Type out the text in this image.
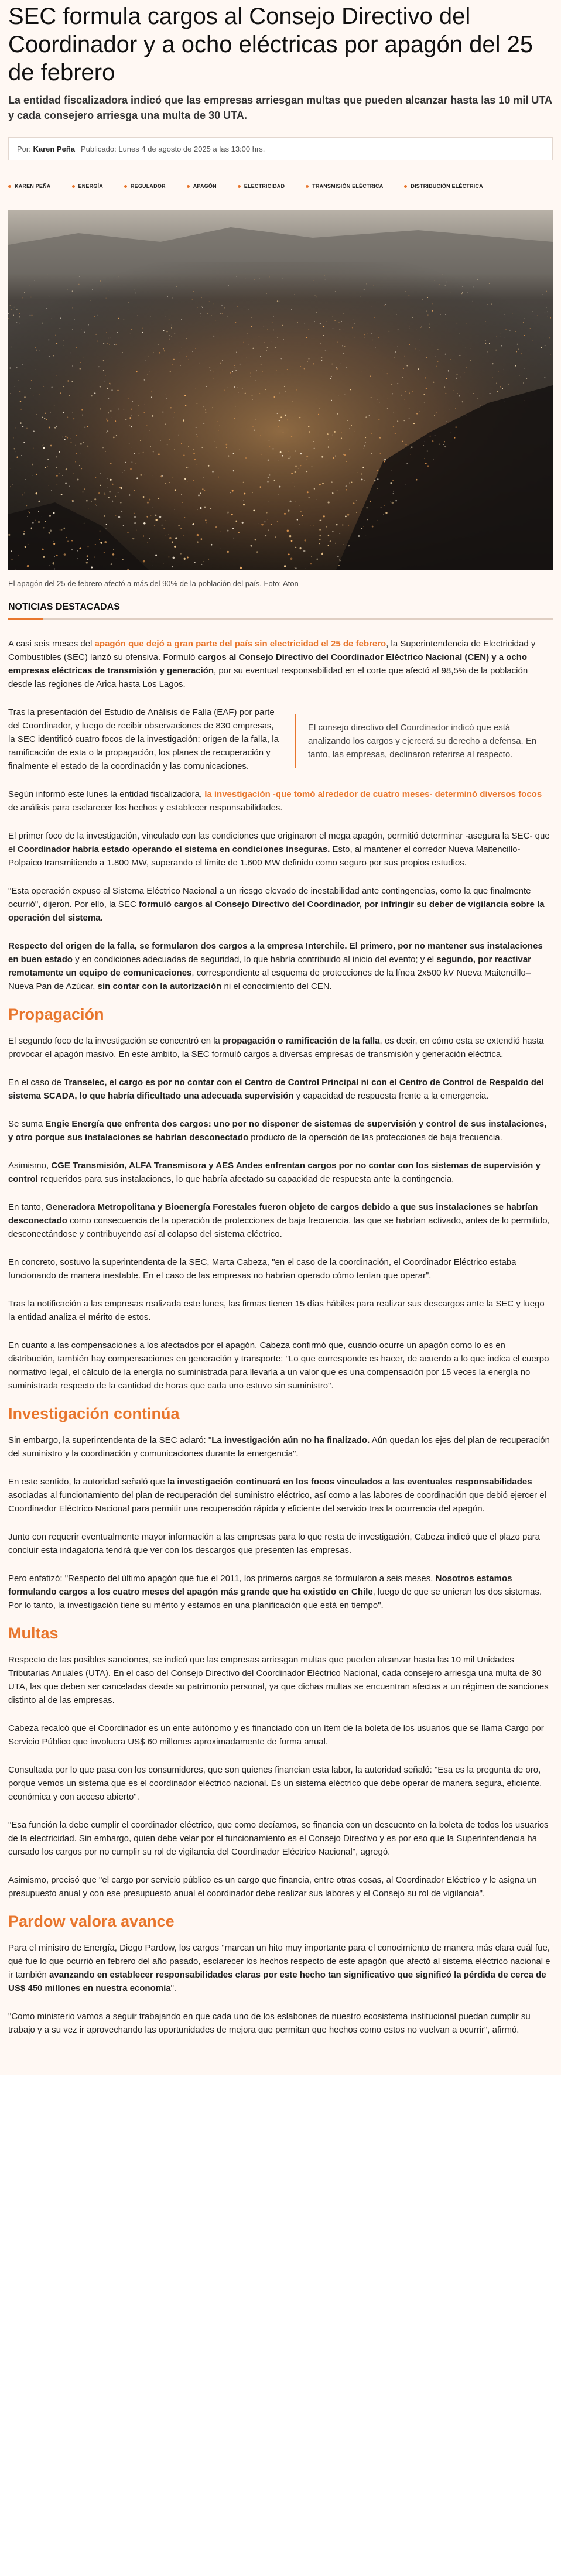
SEC formula cargos al Consejo Directivo del Coordinador y a ocho eléctricas por apagón del 25 de febrero
La entidad fiscalizadora indicó que las empresas arriesgan multas que pueden alcanzar hasta las 10 mil UTA y cada consejero arriesga una multa de 30 UTA.
Por: Karen Peña Publicado: Lunes 4 de agosto de 2025 a las 13:00 hrs.
KAREN PEÑA	ENERGÍA	REGULADOR	APAGÓN	ELECTRICIDAD	TRANSMISIÓN ELÉCTRICA	DISTRIBUCIÓN ELÉCTRICA
El apagón del 25 de febrero afectó a más del 90% de la población del país. Foto: Aton
NOTICIAS DESTACADAS

A casi seis meses del apagón que dejó a gran parte del país sin electricidad el 25 de febrero, la Superintendencia de Electricidad y Combustibles (SEC) lanzó su ofensiva. Formuló cargos al Consejo Directivo del Coordinador Eléctrico Nacional (CEN) y a ocho empresas eléctricas de transmisión y generación, por su eventual responsabilidad en el corte que afectó al 98,5% de la población desde las regiones de Arica hasta Los Lagos.

Tras la presentación del Estudio de Análisis de Falla (EAF) por parte del Coordinador, y luego de recibir observaciones de 830 empresas, la SEC identificó cuatro focos de la investigación: origen de la falla, la ramificación de esta o la propagación, los planes de recuperación y finalmente el estado de la coordinación y las comunicaciones.
El consejo directivo del Coordinador indicó que está analizando los cargos y ejercerá su derecho a defensa. En tanto, las empresas, declinaron referirse al respecto.

Según informó este lunes la entidad fiscalizadora, la investigación -que tomó alrededor de cuatro meses- determinó diversos focos de análisis para esclarecer los hechos y establecer responsabilidades.

El primer foco de la investigación, vinculado con las condiciones que originaron el mega apagón, permitió determinar -asegura la SEC- que el Coordinador habría estado operando el sistema en condiciones inseguras. Esto, al mantener el corredor Nueva Maitencillo-Polpaico transmitiendo a 1.800 MW, superando el límite de 1.600 MW definido como seguro por sus propios estudios.

"Esta operación expuso al Sistema Eléctrico Nacional a un riesgo elevado de inestabilidad ante contingencias, como la que finalmente ocurrió", dijeron. Por ello, la SEC formuló cargos al Consejo Directivo del Coordinador, por infringir su deber de vigilancia sobre la operación del sistema.

Respecto del origen de la falla, se formularon dos cargos a la empresa Interchile. El primero, por no mantener sus instalaciones en buen estado y en condiciones adecuadas de seguridad, lo que habría contribuido al inicio del evento; y el segundo, por reactivar remotamente un equipo de comunicaciones, correspondiente al esquema de protecciones de la línea 2x500 kV Nueva Maitencillo–Nueva Pan de Azúcar, sin contar con la autorización ni el conocimiento del CEN.

Propagación

El segundo foco de la investigación se concentró en la propagación o ramificación de la falla, es decir, en cómo esta se extendió hasta provocar el apagón masivo. En este ámbito, la SEC formuló cargos a diversas empresas de transmisión y generación eléctrica.

En el caso de Transelec, el cargo es por no contar con el Centro de Control Principal ni con el Centro de Control de Respaldo del sistema SCADA, lo que habría dificultado una adecuada supervisión y capacidad de respuesta frente a la emergencia.

Se suma Engie Energía que enfrenta dos cargos: uno por no disponer de sistemas de supervisión y control de sus instalaciones, y otro porque sus instalaciones se habrían desconectado producto de la operación de las protecciones de baja frecuencia.

Asimismo, CGE Transmisión, ALFA Transmisora y AES Andes enfrentan cargos por no contar con los sistemas de supervisión y control requeridos para sus instalaciones, lo que habría afectado su capacidad de respuesta ante la contingencia.

En tanto, Generadora Metropolitana y Bioenergía Forestales fueron objeto de cargos debido a que sus instalaciones se habrían desconectado como consecuencia de la operación de protecciones de baja frecuencia, las que se habrían activado, antes de lo permitido, desconectándose y contribuyendo así al colapso del sistema eléctrico.

En concreto, sostuvo la superintendenta de la SEC, Marta Cabeza, "en el caso de la coordinación, el Coordinador Eléctrico estaba funcionando de manera inestable. En el caso de las empresas no habrían operado cómo tenían que operar".

Tras la notificación a las empresas realizada este lunes, las firmas tienen 15 días hábiles para realizar sus descargos ante la SEC y luego la entidad analiza el mérito de estos.

En cuanto a las compensaciones a los afectados por el apagón, Cabeza confirmó que, cuando ocurre un apagón como lo es en distribución, también hay compensaciones en generación y transporte: "Lo que corresponde es hacer, de acuerdo a lo que indica el cuerpo normativo legal, el cálculo de la energía no suministrada para llevarla a un valor que es una compensación por 15 veces la energía no suministrada respecto de la cantidad de horas que cada uno estuvo sin suministro".

Investigación continúa

Sin embargo, la superintendenta de la SEC aclaró: "La investigación aún no ha finalizado. Aún quedan los ejes del plan de recuperación del suministro y la coordinación y comunicaciones durante la emergencia".

En este sentido, la autoridad señaló que la investigación continuará en los focos vinculados a las eventuales responsabilidades asociadas al funcionamiento del plan de recuperación del suministro eléctrico, así como a las labores de coordinación que debió ejercer el Coordinador Eléctrico Nacional para permitir una recuperación rápida y eficiente del servicio tras la ocurrencia del apagón.

Junto con requerir eventualmente mayor información a las empresas para lo que resta de investigación, Cabeza indicó que el plazo para concluir esta indagatoria tendrá que ver con los descargos que presenten las empresas.

Pero enfatizó: "Respecto del último apagón que fue el 2011, los primeros cargos se formularon a seis meses. Nosotros estamos formulando cargos a los cuatro meses del apagón más grande que ha existido en Chile, luego de que se unieran los dos sistemas. Por lo tanto, la investigación tiene su mérito y estamos en una planificación que está en tiempo".

Multas

Respecto de las posibles sanciones, se indicó que las empresas arriesgan multas que pueden alcanzar hasta las 10 mil Unidades Tributarias Anuales (UTA). En el caso del Consejo Directivo del Coordinador Eléctrico Nacional, cada consejero arriesga una multa de 30 UTA, las que deben ser canceladas desde su patrimonio personal, ya que dichas multas se encuentran afectas a un régimen de sanciones distinto al de las empresas.

Cabeza recalcó que el Coordinador es un ente autónomo y es financiado con un ítem de la boleta de los usuarios que se llama Cargo por Servicio Público que involucra US$ 60 millones aproximadamente de forma anual.

Consultada por lo que pasa con los consumidores, que son quienes financian esta labor, la autoridad señaló: "Esa es la pregunta de oro, porque vemos un sistema que es el coordinador eléctrico nacional. Es un sistema eléctrico que debe operar de manera segura, eficiente, económica y con acceso abierto".

"Esa función la debe cumplir el coordinador eléctrico, que como decíamos, se financia con un descuento en la boleta de todos los usuarios de la electricidad. Sin embargo, quien debe velar por el funcionamiento es el Consejo Directivo y es por eso que la Superintendencia ha cursado los cargos por no cumplir su rol de vigilancia del Coordinador Eléctrico Nacional", agregó.

Asimismo, precisó que "el cargo por servicio público es un cargo que financia, entre otras cosas, al Coordinador Eléctrico y le asigna un presupuesto anual y con ese presupuesto anual el coordinador debe realizar sus labores y el Consejo su rol de vigilancia".

Pardow valora avance

Para el ministro de Energía, Diego Pardow, los cargos "marcan un hito muy importante para el conocimiento de manera más clara cuál fue, qué fue lo que ocurrió en febrero del año pasado, esclarecer los hechos respecto de este apagón que afectó al sistema eléctrico nacional e ir también avanzando en establecer responsabilidades claras por este hecho tan significativo que significó la pérdida de cerca de US$ 450 millones en nuestra economía".

"Como ministerio vamos a seguir trabajando en que cada uno de los eslabones de nuestro ecosistema institucional puedan cumplir su trabajo y a su vez ir aprovechando las oportunidades de mejora que permitan que hechos como estos no vuelvan a ocurrir", afirmó.
